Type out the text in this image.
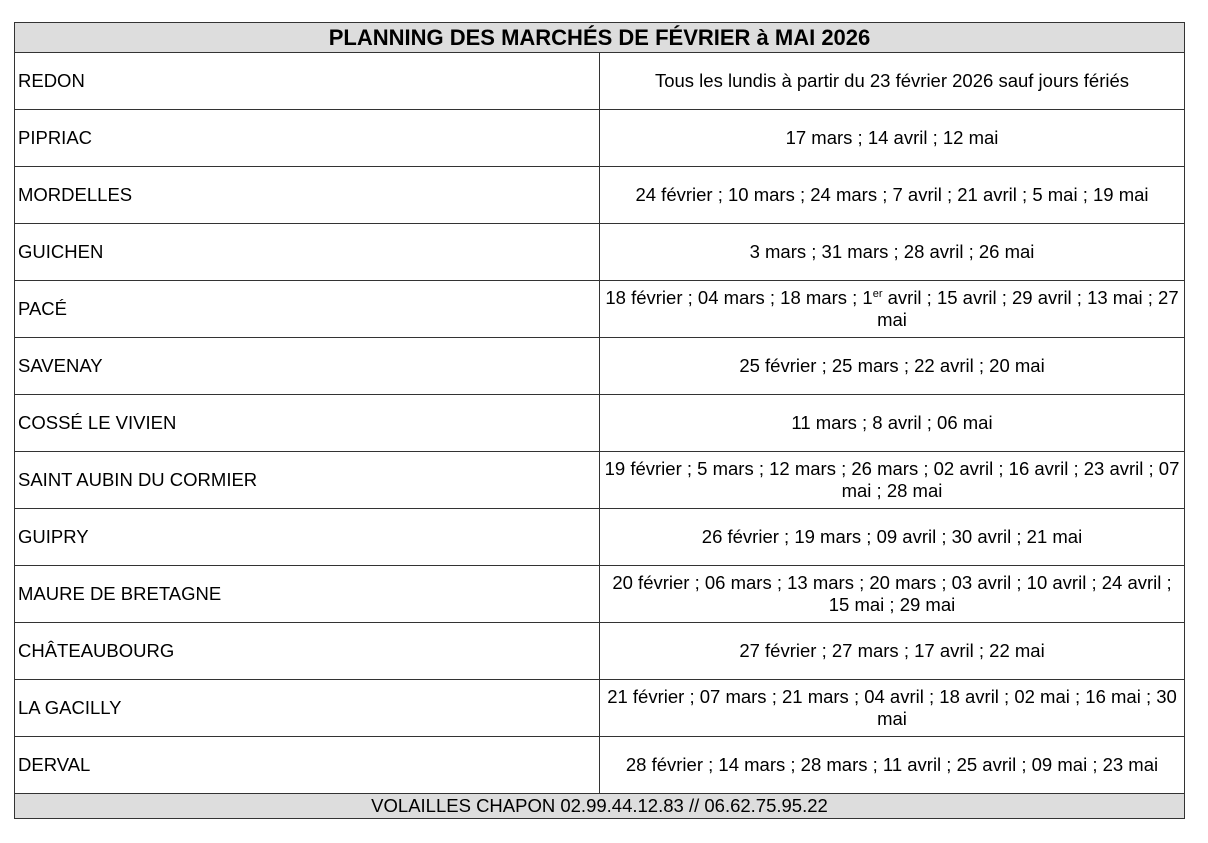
PLANNING DES MARCHÉS DE FÉVRIER à MAI 2026	
REDON	Tous les lundis à partir du 23 février 2026 sauf jours fériés
PIPRIAC	17 mars ; 14 avril ; 12 mai
MORDELLES	24 février ; 10 mars ; 24 mars ; 7 avril ; 21 avril ; 5 mai ; 19 mai
GUICHEN	3 mars ; 31 mars ; 28 avril ; 26 mai
PACÉ	18 février ; 04 mars ; 18 mars ; 1er avril ; 15 avril ; 29 avril ; 13 mai ; 27 mai
SAVENAY	25 février ; 25 mars ; 22 avril ; 20 mai
COSSÉ LE VIVIEN	11 mars ; 8 avril ; 06 mai
SAINT AUBIN DU CORMIER	19 février ; 5 mars ; 12 mars ; 26 mars ; 02 avril ; 16 avril ; 23 avril ; 07 mai ; 28 mai
GUIPRY	26 février ; 19 mars ; 09 avril ; 30 avril ; 21 mai
MAURE DE BRETAGNE	20 février ; 06 mars ; 13 mars ; 20 mars ; 03 avril ; 10 avril ; 24 avril ; 15 mai ; 29 mai
CHÂTEAUBOURG	27 février ; 27 mars ; 17 avril ; 22 mai
LA GACILLY	21 février ; 07 mars ; 21 mars ; 04 avril ; 18 avril ; 02 mai ; 16 mai ; 30 mai
DERVAL	28 février ; 14 mars ; 28 mars ; 11 avril ; 25 avril ; 09 mai ; 23 mai
VOLAILLES CHAPON 02.99.44.12.83 // 06.62.75.95.22	
